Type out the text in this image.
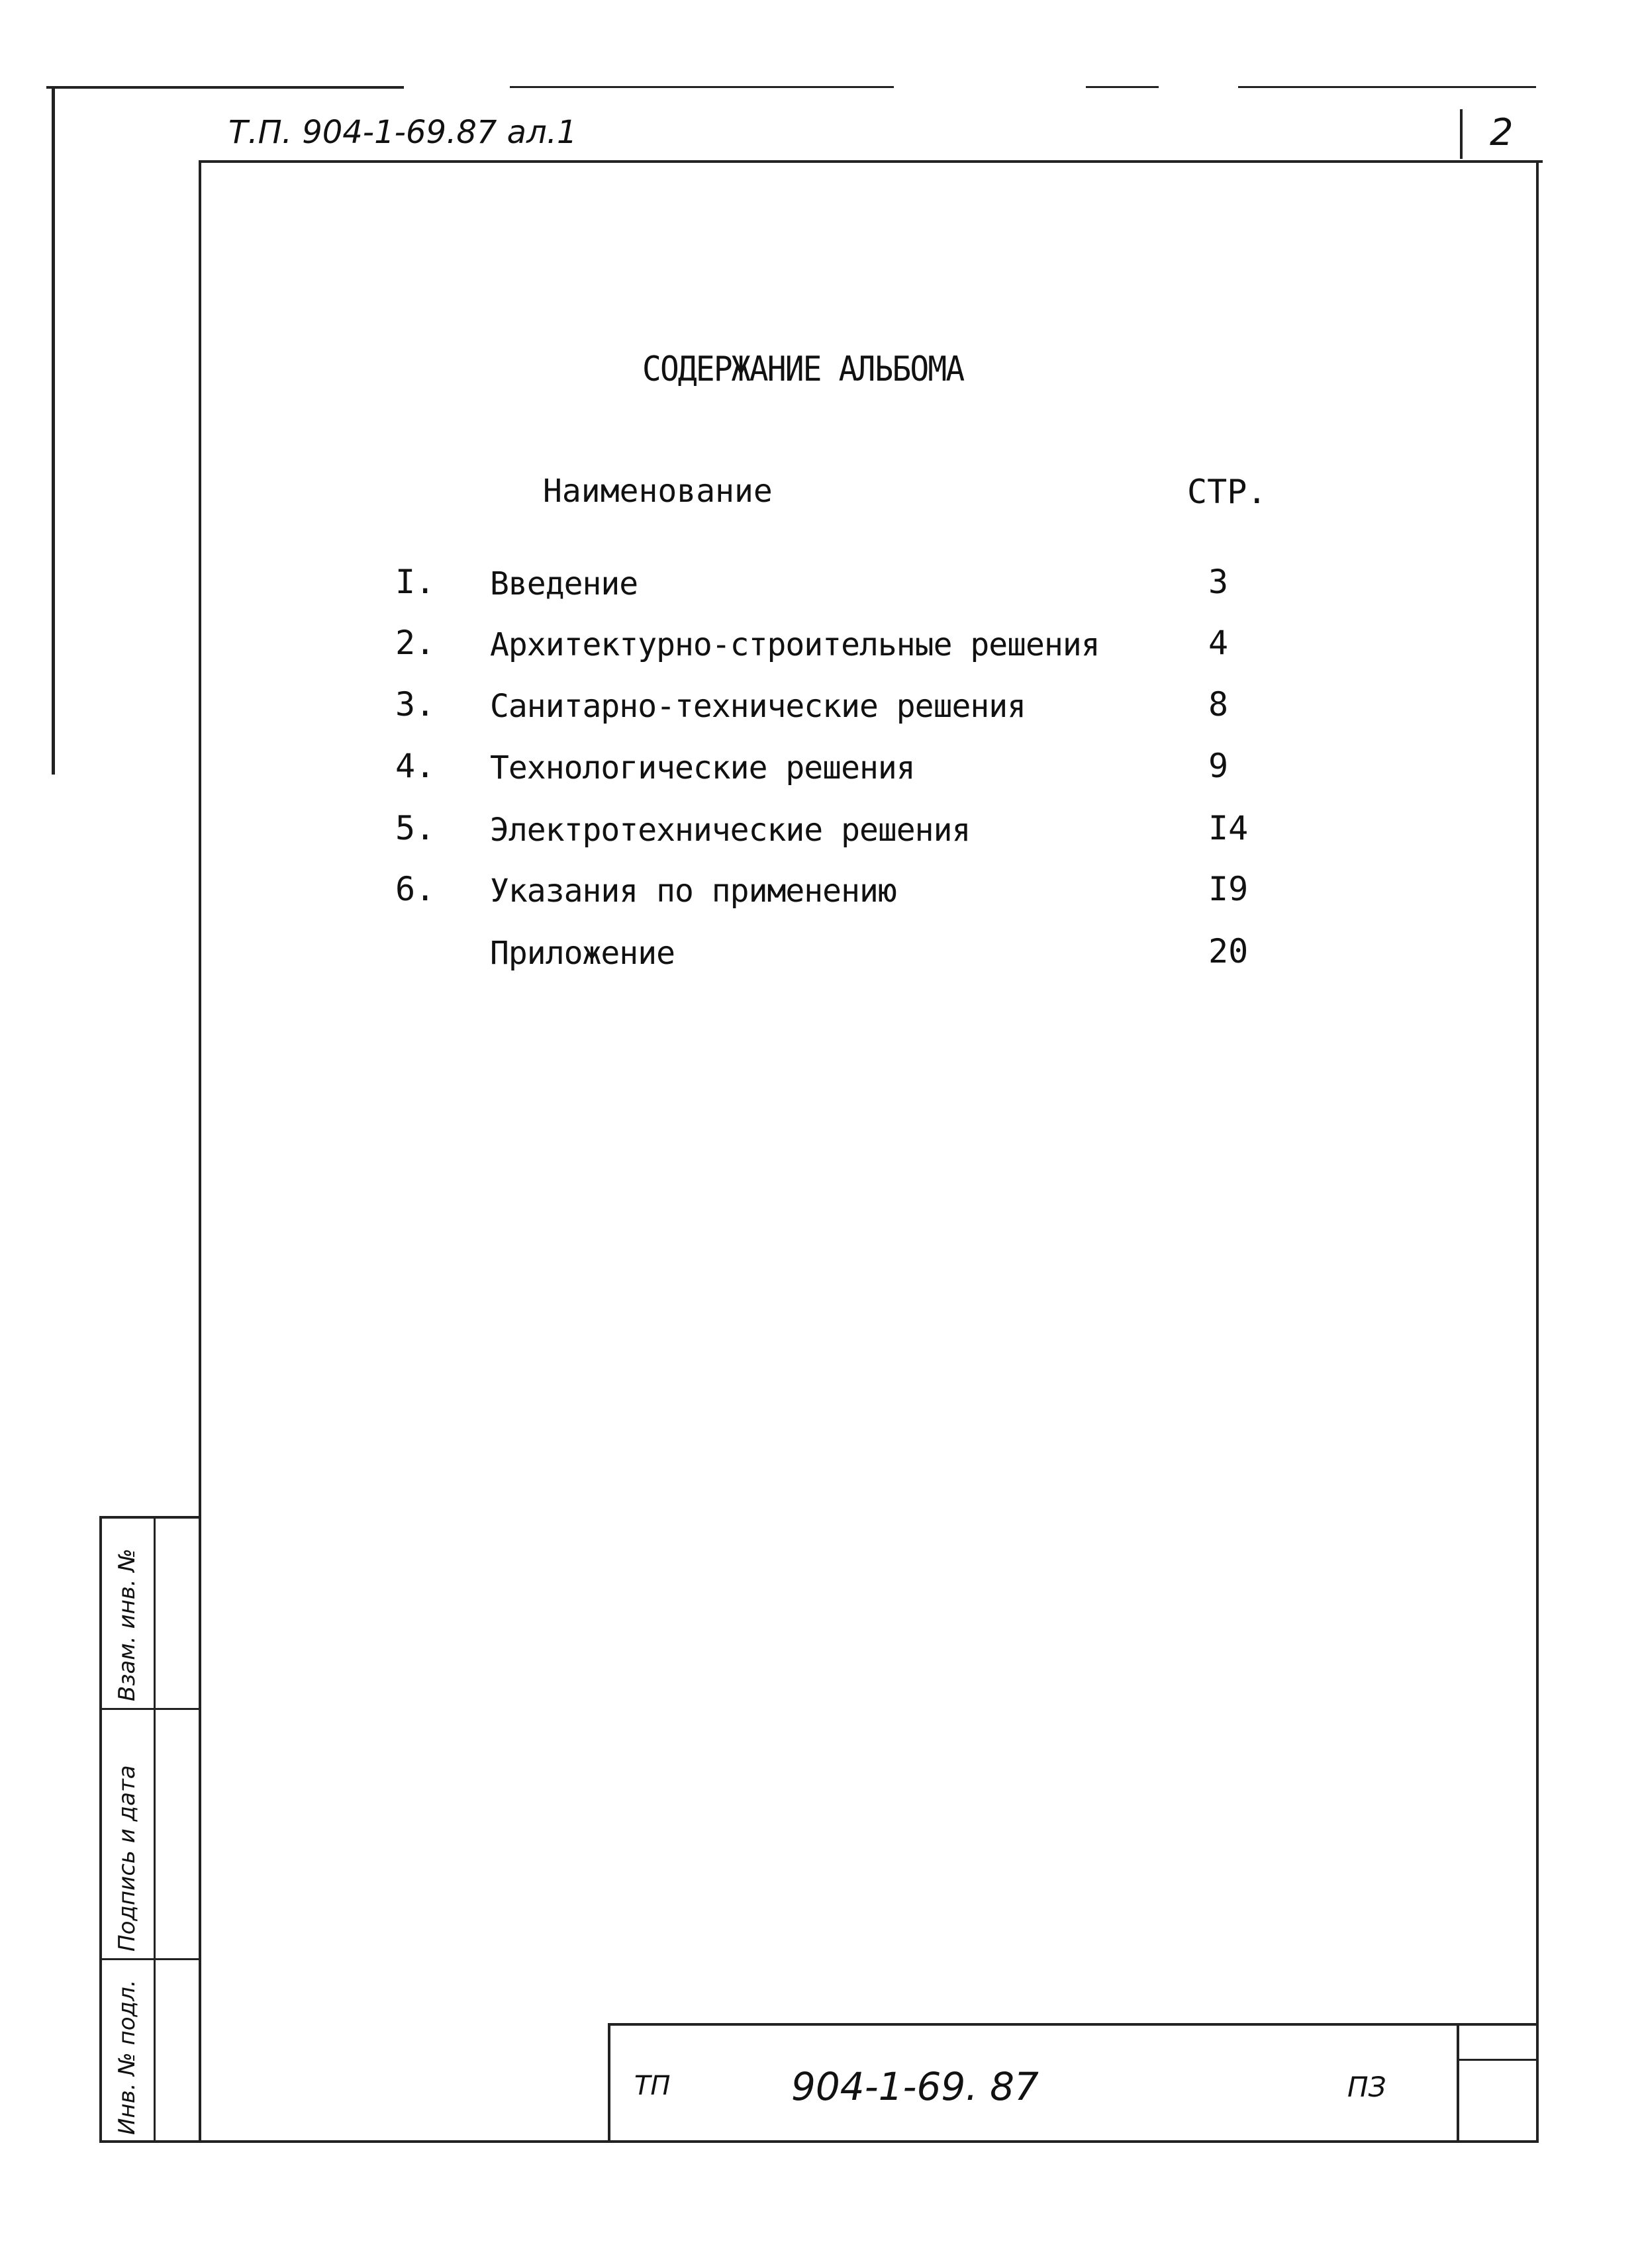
Т.П. 904-1-69.87 ал.1	2
СОДЕРЖАНИЕ АЛЬБОМА
Наименование	СТР.
I. Введение	3
2. Архитектурно-строительные решения	4
3. Санитарно-технические решения	8
4. Технологические решения	9
5. Электротехнические решения	I4
6. Указания по применению	I9
Приложение	20
Взам. инв. №
Подпись и дата
Инв. № подл.	ТП	904-1-69. 87	ПЗ
